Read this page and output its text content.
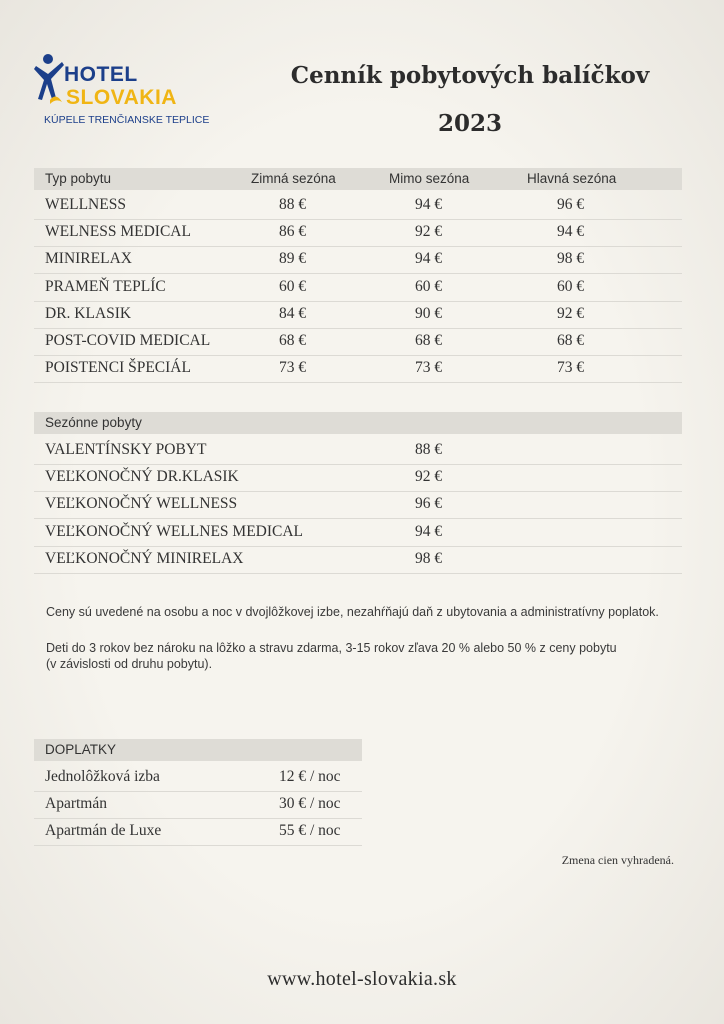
HOTEL
SLOVAKIA
KÚPELE TRENČIANSKE TEPLICE
Cenník pobytových balíčkov
2023
Typ pobytu	Zimná sezóna	Mimo sezóna	Hlavná sezóna
WELLNESS	88 €	94 €	96 €
WELNESS MEDICAL	86 €	92 €	94 €
MINIRELAX	89 €	94 €	98 €
PRAMEŇ TEPLÍC	60 €	60 €	60 €
DR. KLASIK	84 €	90 €	92 €
POST-COVID MEDICAL	68 €	68 €	68 €
POISTENCI ŠPECIÁL	73 €	73 €	73 €
Sezónne pobyty
VALENTÍNSKY POBYT	88 €
VEĽKONOČNÝ DR.KLASIK	92 €
VEĽKONOČNÝ WELLNESS	96 €
VEĽKONOČNÝ WELLNES MEDICAL	94 €
VEĽKONOČNÝ MINIRELAX	98 €
Ceny sú uvedené na osobu a noc v dvojlôžkovej izbe, nezahŕňajú daň z ubytovania a administratívny poplatok.
Deti do 3 rokov bez nároku na lôžko a stravu zdarma, 3-15 rokov zľava 20 % alebo 50 % z ceny pobytu
(v závislosti od druhu pobytu).
DOPLATKY
Jednolôžková izba	12 € / noc
Apartmán	30 € / noc
Apartmán de Luxe	55 € / noc
Zmena cien vyhradená.
www.hotel-slovakia.sk
